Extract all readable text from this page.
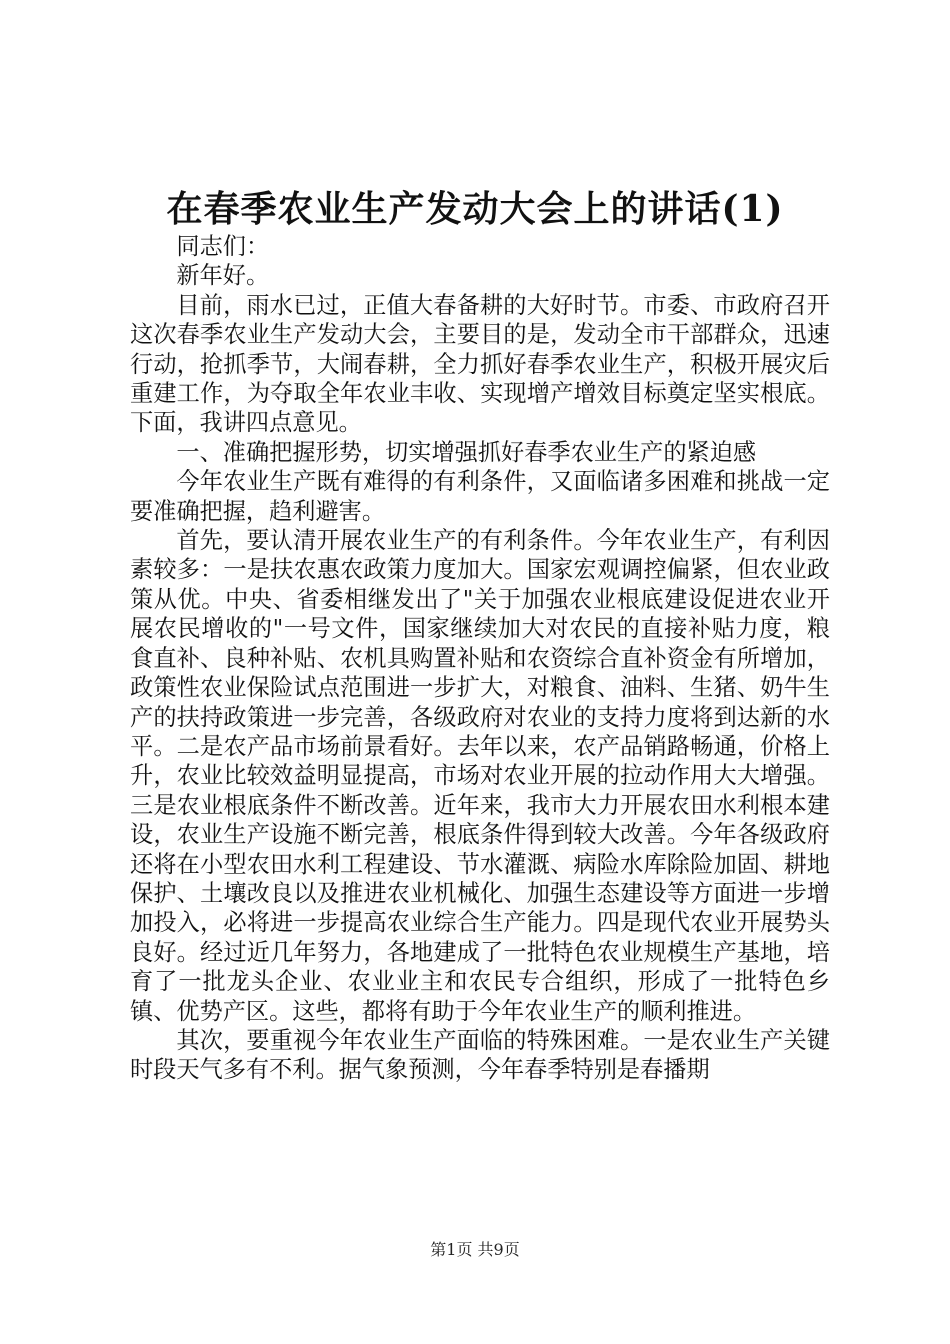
在春季农业生产发动大会上的讲话(1)

同志们：

新年好。

目前，雨水已过，正值大春备耕的大好时节。市委、市政府召开这次春季农业生产发动大会，主要目的是，发动全市干部群众，迅速行动，抢抓季节，大闹春耕，全力抓好春季农业生产，积极开展灾后重建工作，为夺取全年农业丰收、实现增产增效目标奠定坚实根底。下面，我讲四点意见。

一、准确把握形势，切实增强抓好春季农业生产的紧迫感

今年农业生产既有难得的有利条件，又面临诸多困难和挑战一定要准确把握，趋利避害。

首先，要认清开展农业生产的有利条件。今年农业生产，有利因素较多：一是扶农惠农政策力度加大。国家宏观调控偏紧，但农业政策从优。中央、省委相继发出了"关于加强农业根底建设促进农业开展农民增收的"一号文件，国家继续加大对农民的直接补贴力度，粮食直补、良种补贴、农机具购置补贴和农资综合直补资金有所增加，政策性农业保险试点范围进一步扩大，对粮食、油料、生猪、奶牛生产的扶持政策进一步完善，各级政府对农业的支持力度将到达新的水平。二是农产品市场前景看好。去年以来，农产品销路畅通，价格上升，农业比较效益明显提高，市场对农业开展的拉动作用大大增强。三是农业根底条件不断改善。近年来，我市大力开展农田水利根本建设，农业生产设施不断完善，根底条件得到较大改善。今年各级政府还将在小型农田水利工程建设、节水灌溉、病险水库除险加固、耕地保护、土壤改良以及推进农业机械化、加强生态建设等方面进一步增加投入，必将进一步提高农业综合生产能力。四是现代农业开展势头良好。经过近几年努力，各地建成了一批特色农业规模生产基地，培育了一批龙头企业、农业业主和农民专合组织，形成了一批特色乡镇、优势产区。这些，都将有助于今年农业生产的顺利推进。

其次，要重视今年农业生产面临的特殊困难。一是农业生产关键时段天气多有不利。据气象预测，今年春季特别是春播期

第1页 共9页
